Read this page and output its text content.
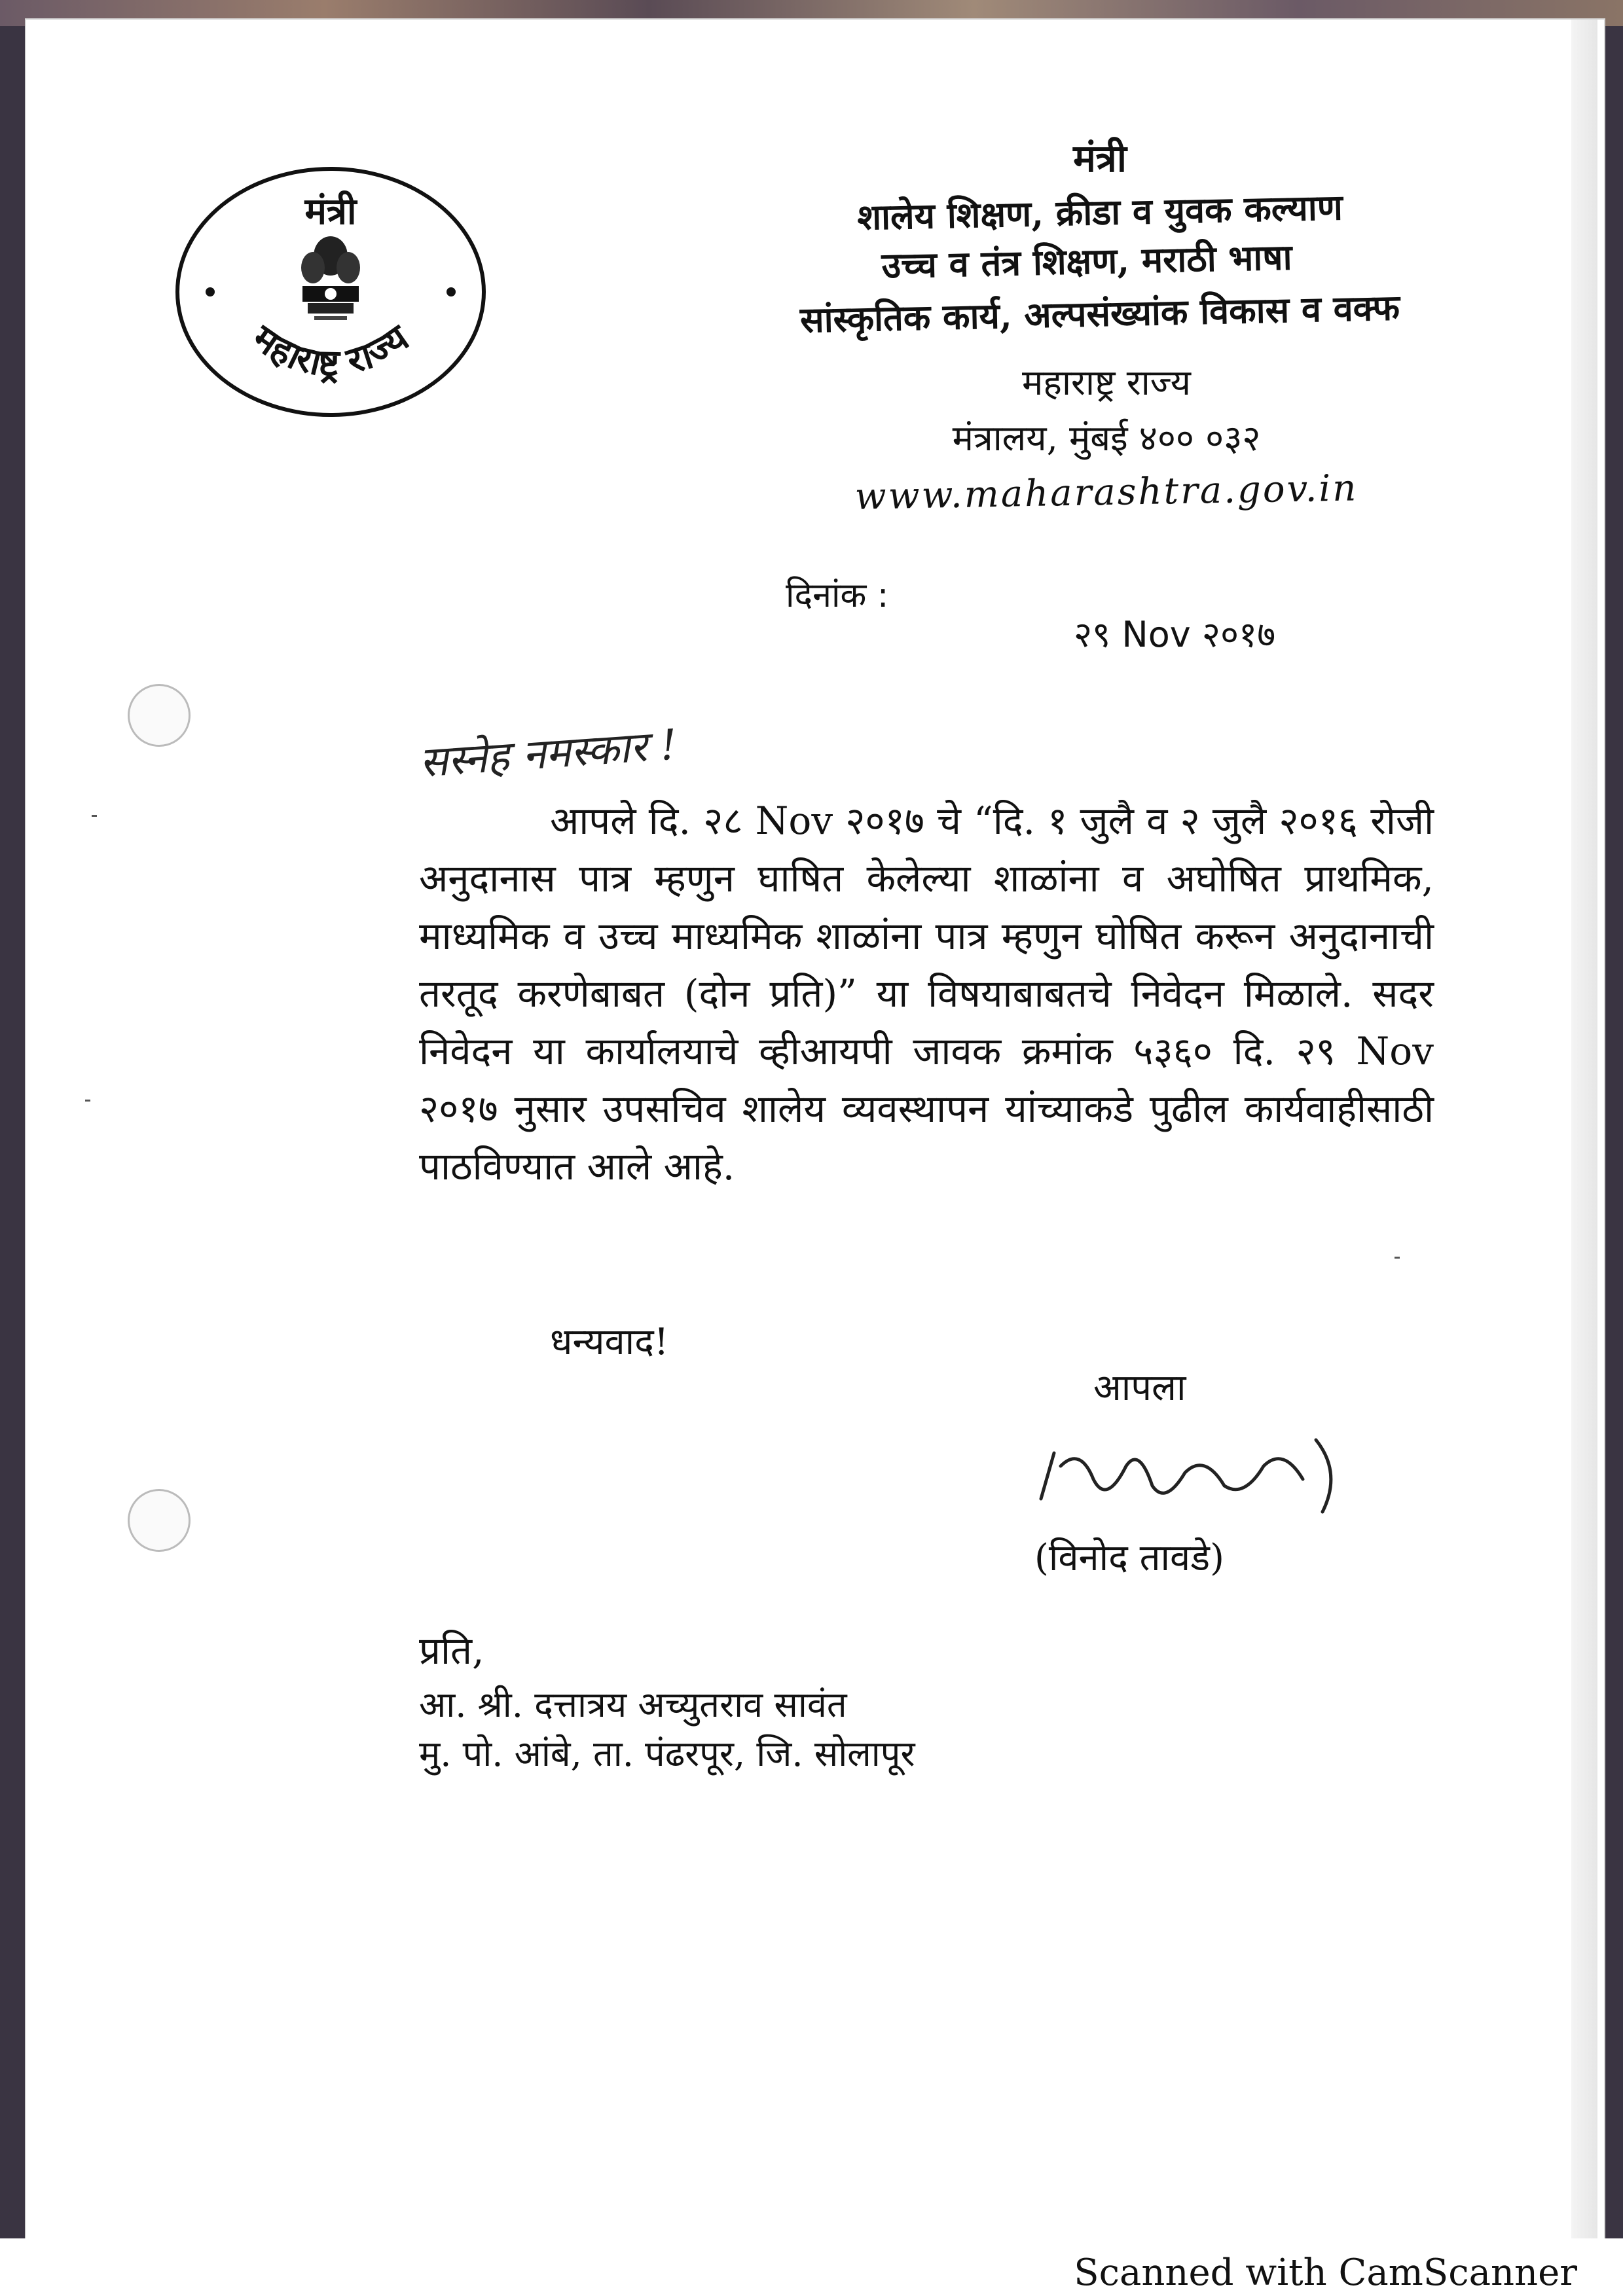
मंत्री
महाराष्ट्र राज्य
मंत्री
शालेय शिक्षण, क्रीडा व युवक कल्याण
उच्च व तंत्र शिक्षण, मराठी भाषा
सांस्कृतिक कार्य, अल्पसंख्यांक विकास व वक्फ
महाराष्ट्र राज्य
मंत्रालय, मुंबई ४०० ०३२
www.maharashtra.gov.in
दिनांक :
२९ Nov २०१७
सस्नेह नमस्कार !
आपले दि. २८ Nov २०१७ चे “दि. १ जुलै व २ जुलै २०१६ रोजी अनुदानास पात्र म्हणुन घाषित केलेल्या शाळांना व अघोषित प्राथमिक, माध्यमिक व उच्च माध्यमिक शाळांना पात्र म्हणुन घोषित करून अनुदानाची तरतूद करणेबाबत (दोन प्रति)” या विषयाबाबतचे निवेदन मिळाले. सदर निवेदन या कार्यालयाचे व्हीआयपी जावक क्रमांक ५३६० दि. २९ Nov २०१७ नुसार उपसचिव शालेय व्यवस्थापन यांच्याकडे पुढील कार्यवाहीसाठी पाठविण्यात आले आहे.
धन्यवाद!
आपला
(विनोद तावडे)
प्रति,
आ. श्री. दत्तात्रय अच्युतराव सावंत
मु. पो. आंबे, ता. पंढरपूर, जि. सोलापूर
Scanned with CamScanner
